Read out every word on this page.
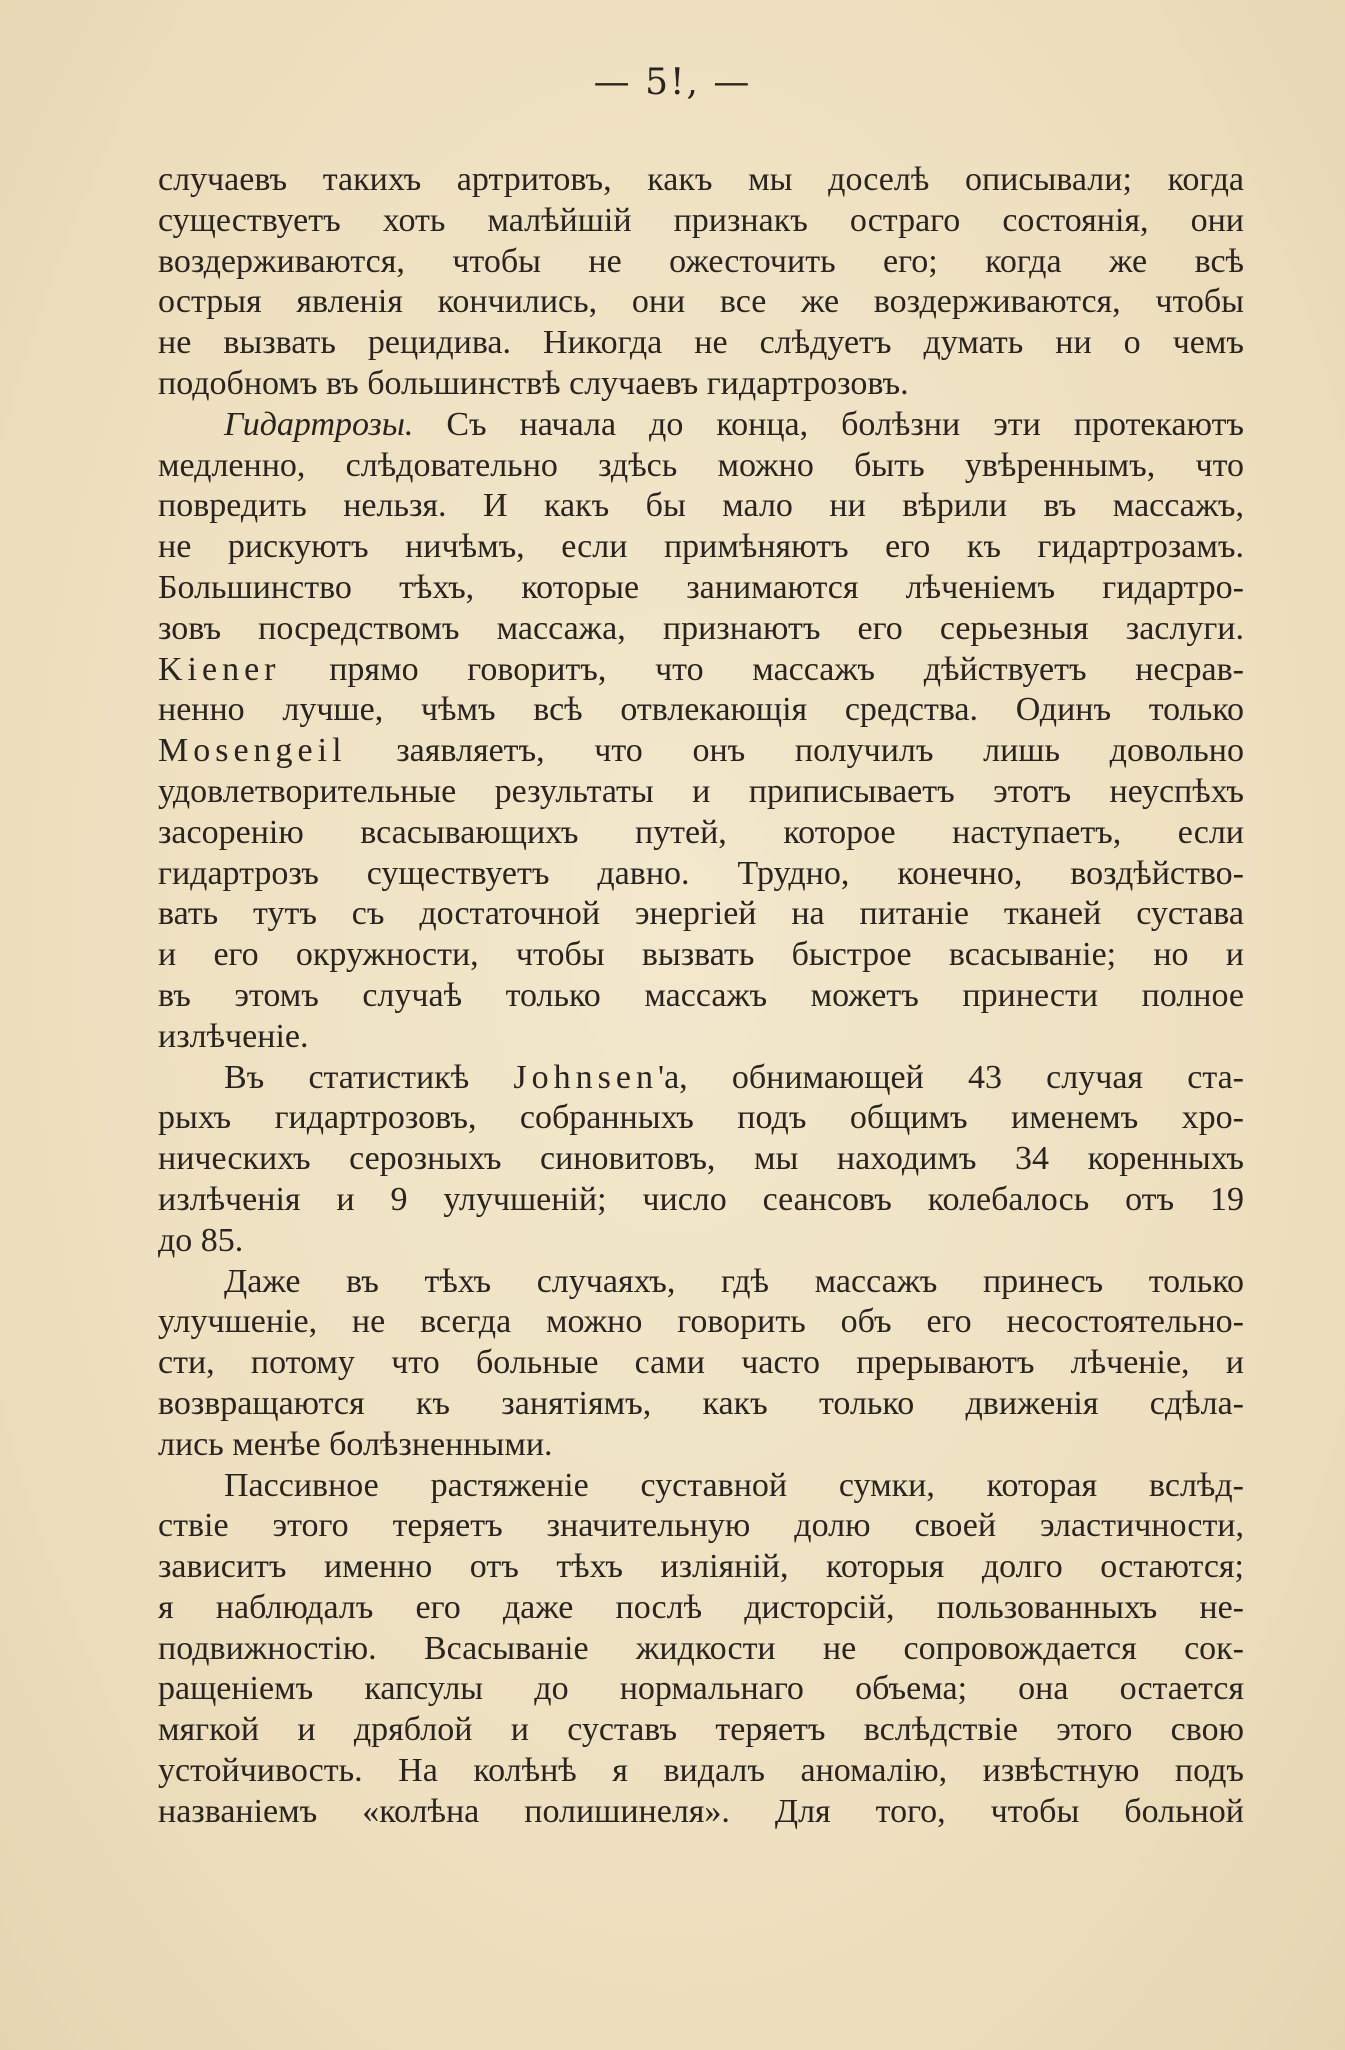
— 5!, —
случаевъ такихъ артритовъ, какъ мы доселѣ описывали; когда
существуетъ хоть малѣйшій признакъ остраго состоянія, они
воздерживаются, чтобы не ожесточить его; когда же всѣ
острыя явленія кончились, они все же воздерживаются, чтобы
не вызвать рецидива. Никогда не слѣдуетъ думать ни о чемъ
подобномъ въ большинствѣ случаевъ гидартрозовъ.
Гидартрозы. Съ начала до конца, болѣзни эти протекаютъ
медленно, слѣдовательно здѣсь можно быть увѣреннымъ, что
повредить нельзя. И какъ бы мало ни вѣрили въ массажъ,
не рискуютъ ничѣмъ, если примѣняютъ его къ гидартрозамъ.
Большинство тѣхъ, которые занимаются лѣченіемъ гидартро-
зовъ посредствомъ массажа, признаютъ его серьезныя заслуги.
Kiener прямо говоритъ, что массажъ дѣйствуетъ несрав-
ненно лучше, чѣмъ всѣ отвлекающія средства. Одинъ только
Mosengeil заявляетъ, что онъ получилъ лишь довольно
удовлетворительные результаты и приписываетъ этотъ неуспѣхъ
засоренію всасывающихъ путей, которое наступаетъ, если
гидартрозъ существуетъ давно. Трудно, конечно, воздѣйство-
вать тутъ съ достаточной энергіей на питаніе тканей сустава
и его окружности, чтобы вызвать быстрое всасываніе; но и
въ этомъ случаѣ только массажъ можетъ принести полное
излѣченіе.
Въ статистикѣ Johnsen'а, обнимающей 43 случая ста-
рыхъ гидартрозовъ, собранныхъ подъ общимъ именемъ хро-
ническихъ серозныхъ синовитовъ, мы находимъ 34 коренныхъ
излѣченія и 9 улучшеній; число сеансовъ колебалось отъ 19
до 85.
Даже въ тѣхъ случаяхъ, гдѣ массажъ принесъ только
улучшеніе, не всегда можно говорить объ его несостоятельно-
сти, потому что больные сами часто прерываютъ лѣченіе, и
возвращаются къ занятіямъ, какъ только движенія сдѣла-
лись менѣе болѣзненными.
Пассивное растяженіе суставной сумки, которая вслѣд-
ствіе этого теряетъ значительную долю своей эластичности,
зависитъ именно отъ тѣхъ изліяній, которыя долго остаются;
я наблюдалъ его даже послѣ дисторсій, пользованныхъ не-
подвижностію. Всасываніе жидкости не сопровождается сок-
ращеніемъ капсулы до нормальнаго объема; она остается
мягкой и дряблой и суставъ теряетъ вслѣдствіе этого свою
устойчивость. На колѣнѣ я видалъ аномалію, извѣстную подъ
названіемъ «колѣна полишинеля». Для того, чтобы больной
